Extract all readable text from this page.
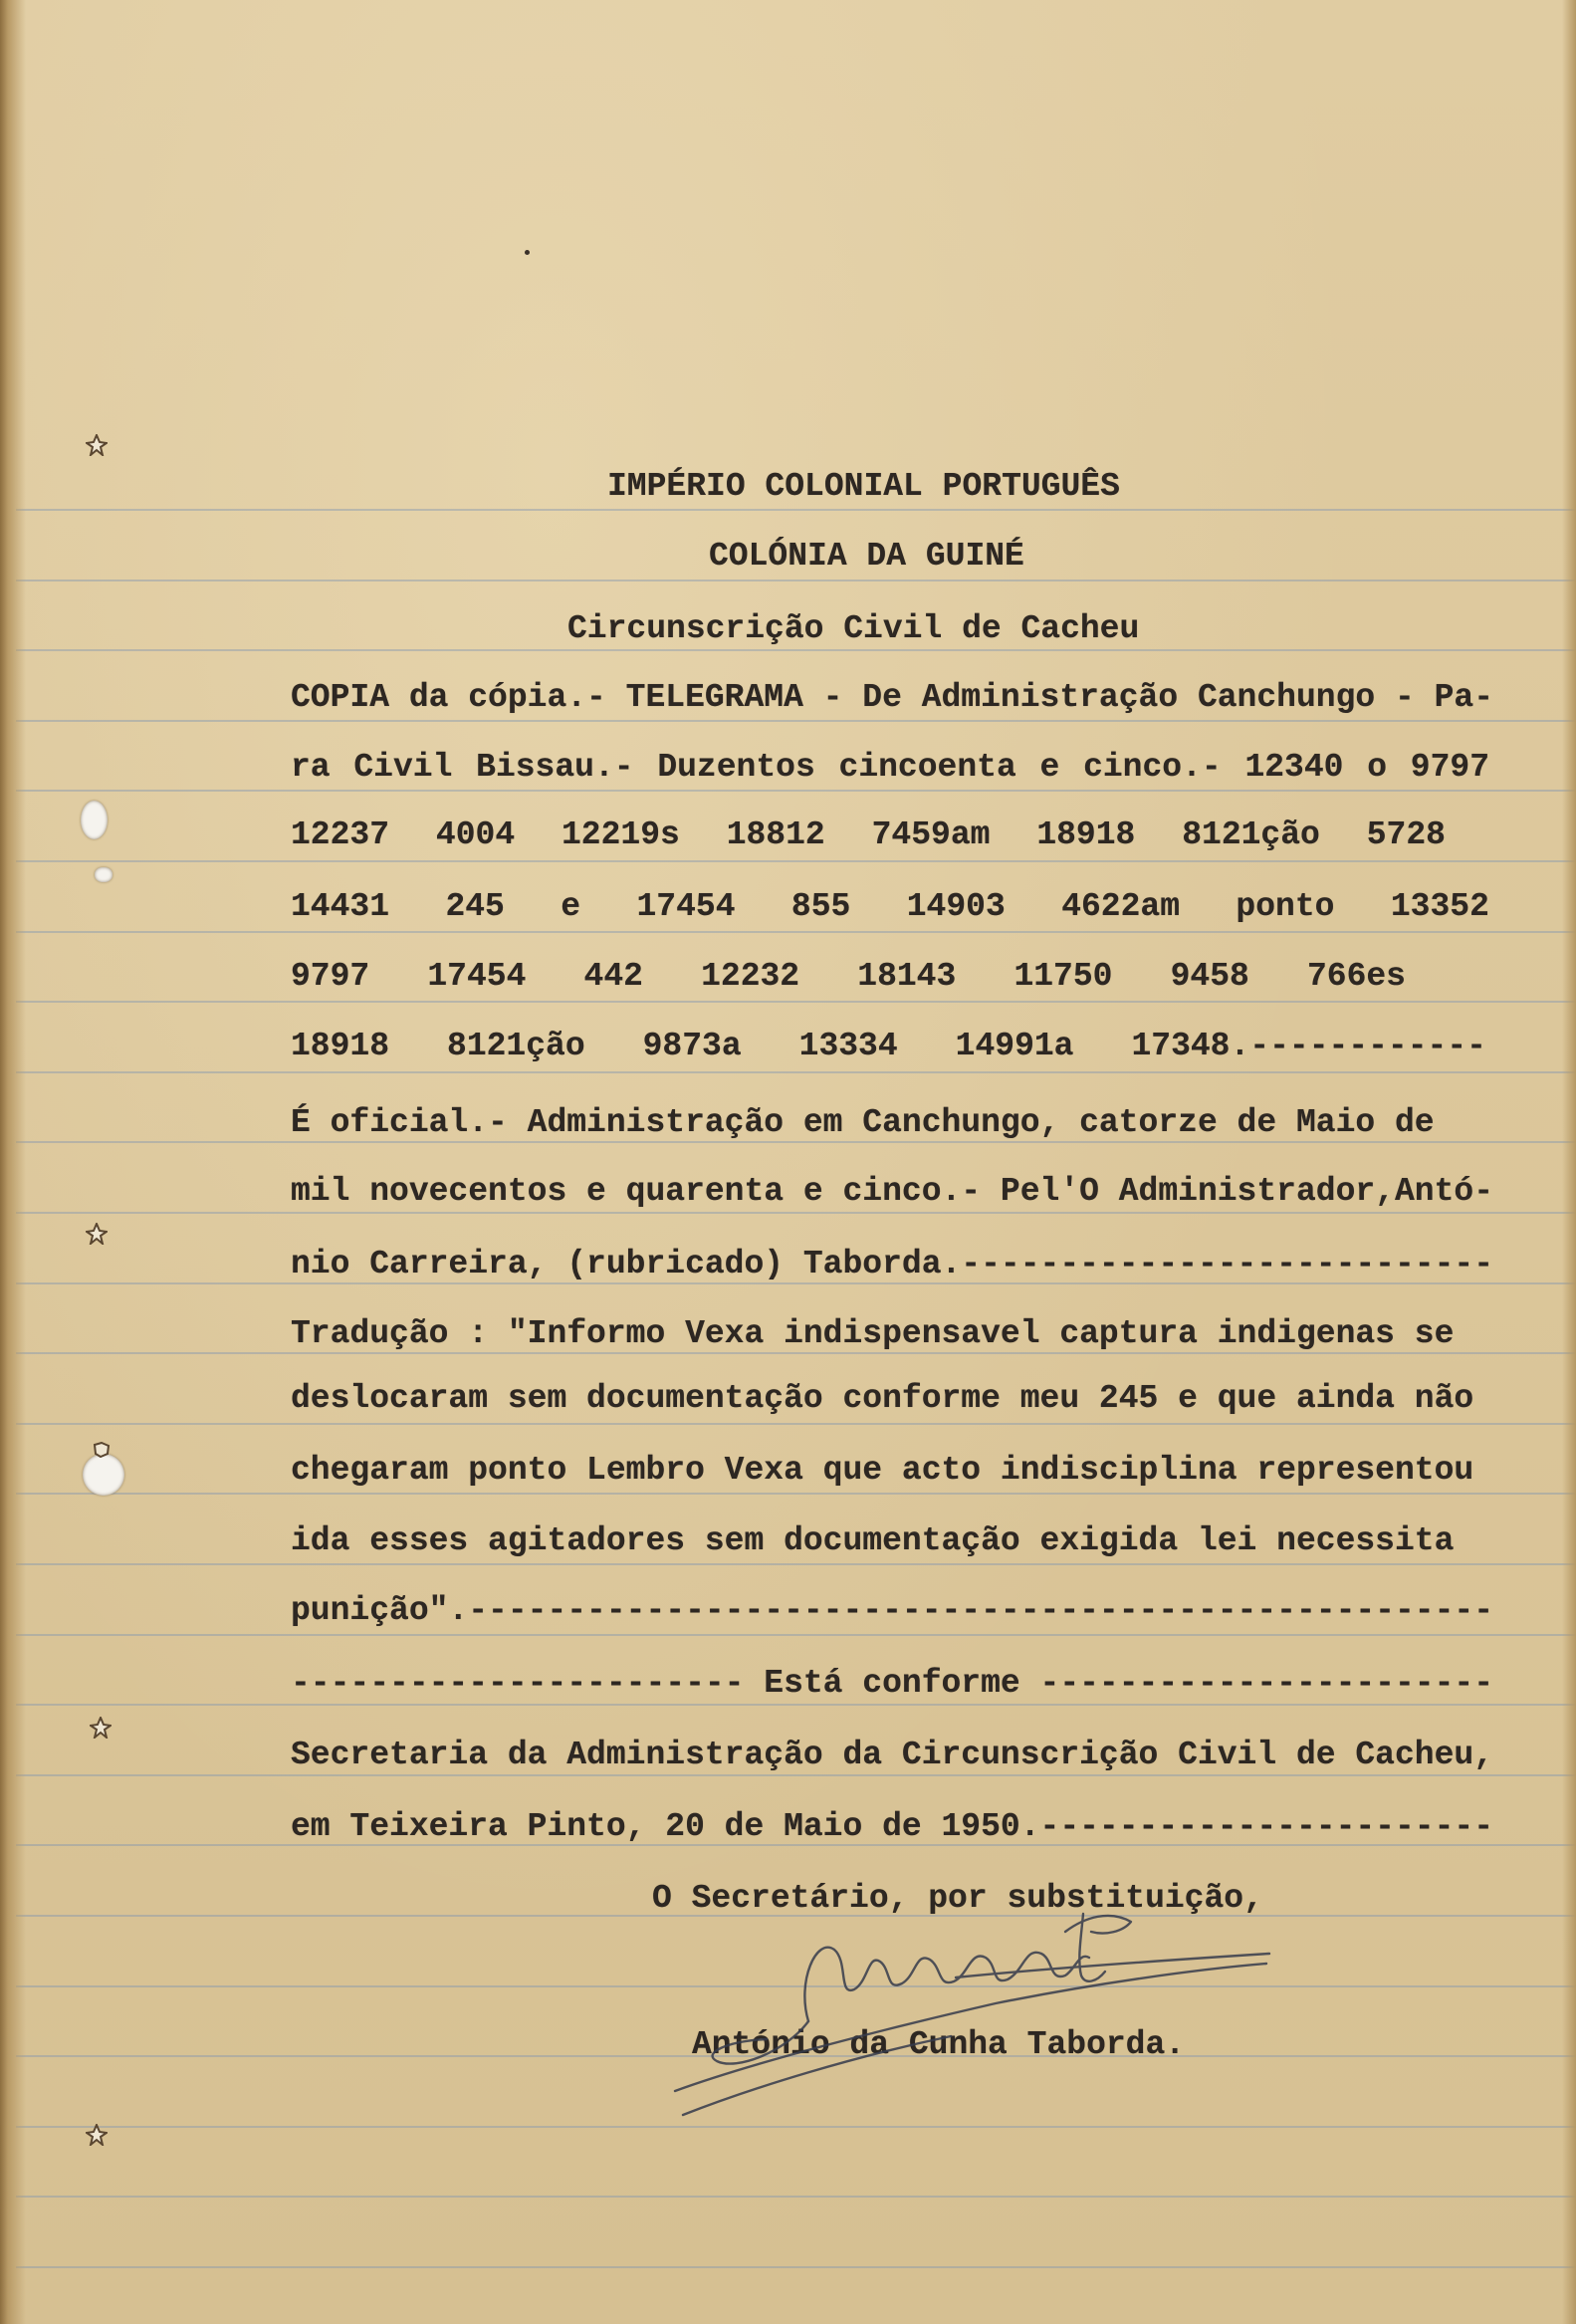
IMPÉRIO COLONIAL PORTUGUÊS
COLÓNIA DA GUINÉ
Circunscrição Civil de Cacheu
COPIA da cópia.- TELEGRAMA - De Administração Canchungo - Pa-
ra Civil Bissau.- Duzentos cincoenta e cinco.- 12340 o 9797
12237 4004 12219s 18812 7459am 18918 8121ção 5728
14431 245 e 17454 855 14903 4622am ponto 13352
9797 17454 442 12232 18143 11750 9458 766es
18918 8121ção 9873a 13334 14991a 17348.------------
É oficial.- Administração em Canchungo, catorze de Maio de
mil novecentos e quarenta e cinco.- Pel'O Administrador,Antó-
nio Carreira, (rubricado) Taborda.---------------------------
Tradução : "Informo Vexa indispensavel captura indigenas se
deslocaram sem documentação conforme meu 245 e que ainda não
chegaram ponto Lembro Vexa que acto indisciplina representou
ida esses agitadores sem documentação exigida lei necessita
punição".----------------------------------------------------
----------------------- Está conforme -----------------------
Secretaria da Administração da Circunscrição Civil de Cacheu,
em Teixeira Pinto, 20 de Maio de 1950.-----------------------
O Secretário, por substituição,
António da Cunha Taborda.
